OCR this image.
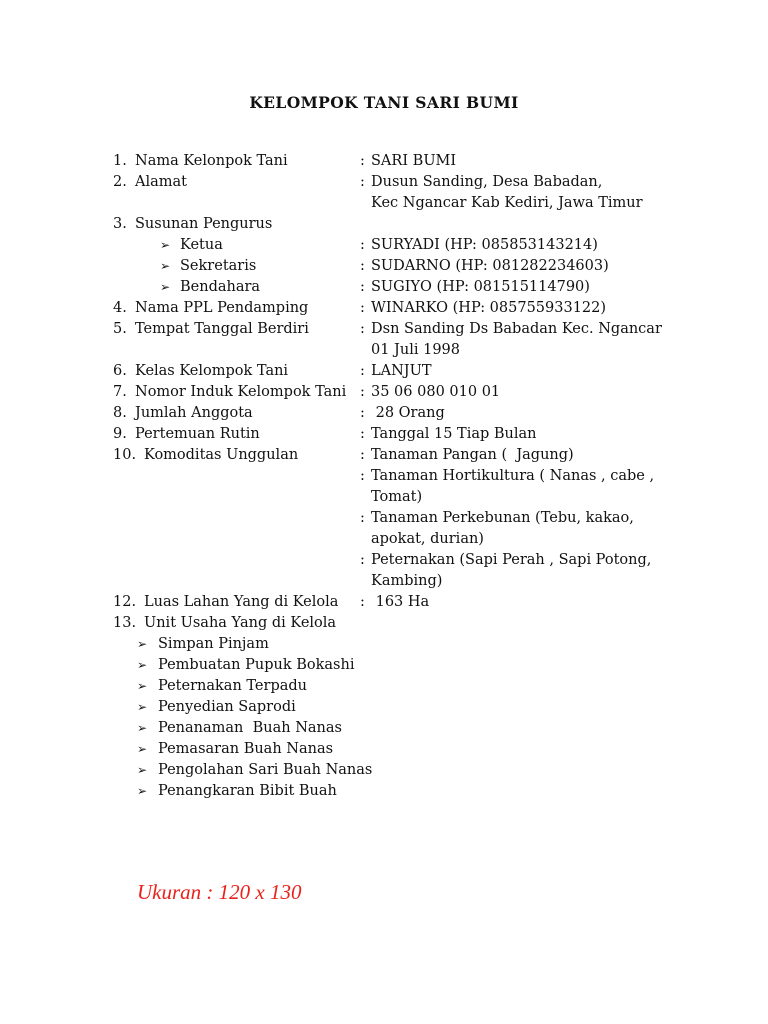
KELOMPOK TANI SARI BUMI
1. Nama Kelonpok Tani	: SARI BUMI
2. Alamat	: Dusun Sanding, Desa Babadan,
Kec Ngancar Kab Kediri, Jawa Timur
3. Susunan Pengurus
➢ Ketua	: SURYADI (HP: 085853143214)
➢ Sekretaris	: SUDARNO (HP: 081282234603)
➢ Bendahara	: SUGIYO (HP: 081515114790)
4. Nama PPL Pendamping	: WINARKO (HP: 085755933122)
5. Tempat Tanggal Berdiri	: Dsn Sanding Ds Babadan Kec. Ngancar
01 Juli 1998
6. Kelas Kelompok Tani	: LANJUT
7. Nomor Induk Kelompok Tani : 35 06 080 010 01
8. Jumlah Anggota	: 28 Orang
9. Pertemuan Rutin	: Tanggal 15 Tiap Bulan
10. Komoditas Unggulan	: Tanaman Pangan (  Jagung)
: Tanaman Hortikultura ( Nanas , cabe ,
Tomat)
: Tanaman Perkebunan (Tebu, kakao,
apokat, durian)
: Peternakan (Sapi Perah , Sapi Potong,
Kambing)
12. Luas Lahan Yang di Kelola : 163 Ha
13. Unit Usaha Yang di Kelola
➢ Simpan Pinjam
➢ Pembuatan Pupuk Bokashi
➢ Peternakan Terpadu
➢ Penyedian Saprodi
➢ Penanaman  Buah Nanas
➢ Pemasaran Buah Nanas
➢ Pengolahan Sari Buah Nanas
➢ Penangkaran Bibit Buah
Ukuran : 120 x 130
